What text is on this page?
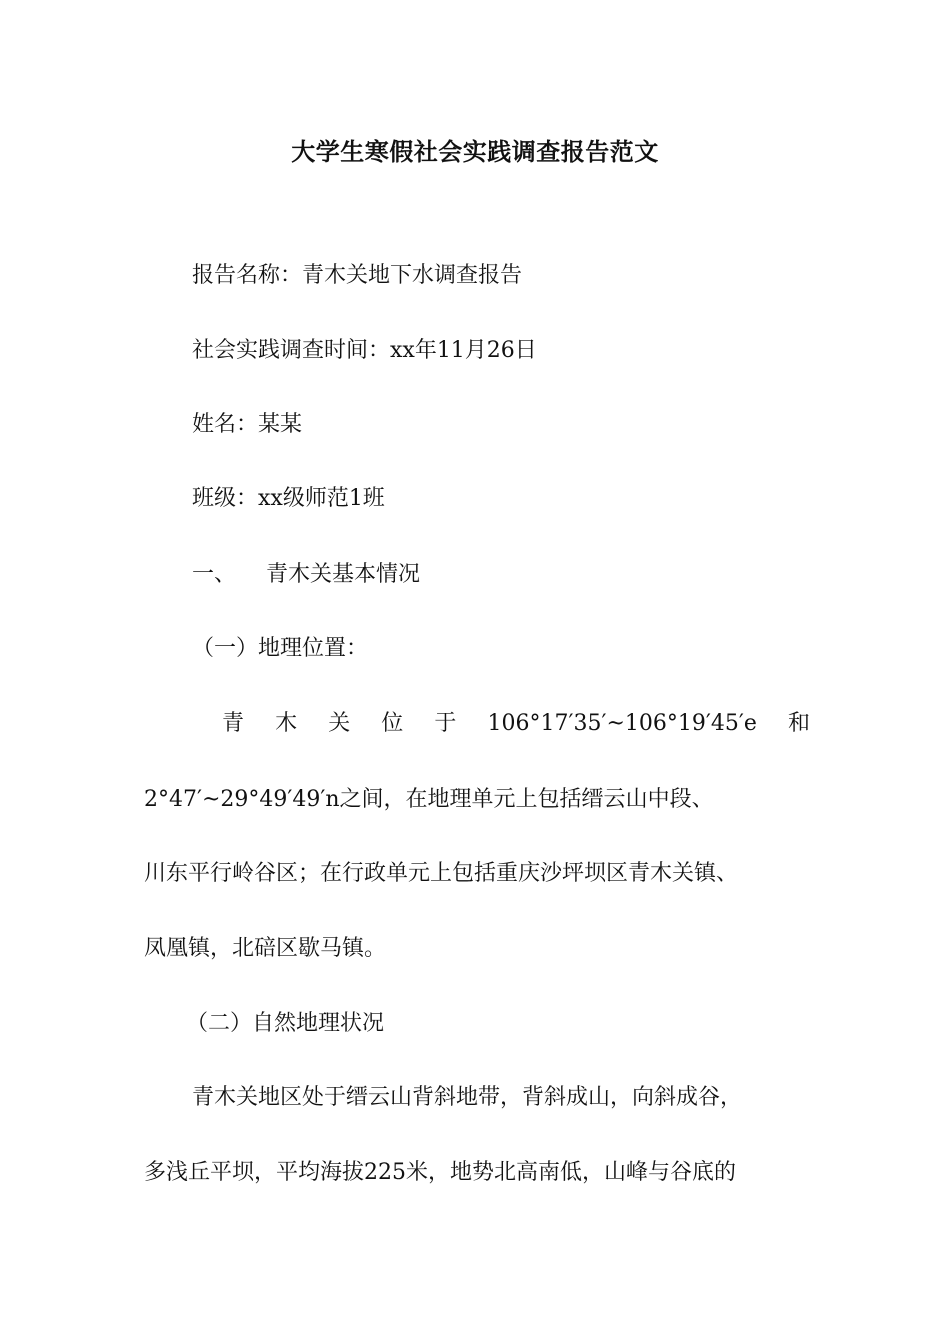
大学生寒假社会实践调查报告范文
报告名称：青木关地下水调查报告
社会实践调查时间：xx年11月26日
姓名：某某
班级：xx级师范1班
一、 青木关基本情况
（一）地理位置：
青 木 关 位 于 106°17′35′~106°19′45′e 和
2°47′~29°49′49′n之间，在地理单元上包括缙云山中段、
川东平行岭谷区；在行政单元上包括重庆沙坪坝区青木关镇、
凤凰镇，北碚区歇马镇。
（二）自然地理状况
青木关地区处于缙云山背斜地带，背斜成山，向斜成谷，
多浅丘平坝，平均海拔225米，地势北高南低，山峰与谷底的
